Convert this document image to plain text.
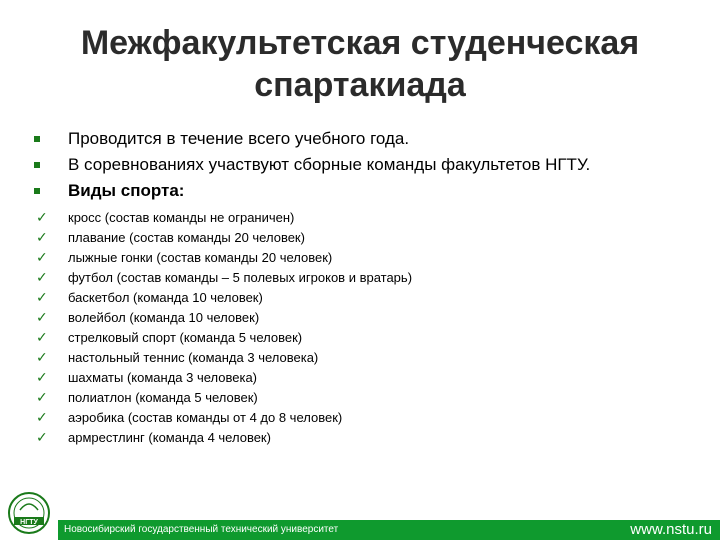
Межфакультетская студенческая
спартакиада
Проводится в течение всего учебного года.
В соревнованиях участвуют сборные команды факультетов НГТУ.
Виды спорта:
✓ кросс (состав команды не ограничен)
✓ плавание (состав команды 20 человек)
✓ лыжные гонки (состав команды 20 человек)
✓ футбол (состав команды – 5 полевых игроков и вратарь)
✓ баскетбол (команда 10 человек)
✓ волейбол (команда 10 человек)
✓ стрелковый спорт (команда 5 человек)
✓ настольный теннис (команда 3 человека)
✓ шахматы (команда 3 человека)
✓ полиатлон (команда 5 человек)
✓ аэробика (состав команды от 4 до 8 человек)
✓ армрестлинг (команда 4 человек)
НГТУ
Новосибирский государственный технический университет	www.nstu.ru
